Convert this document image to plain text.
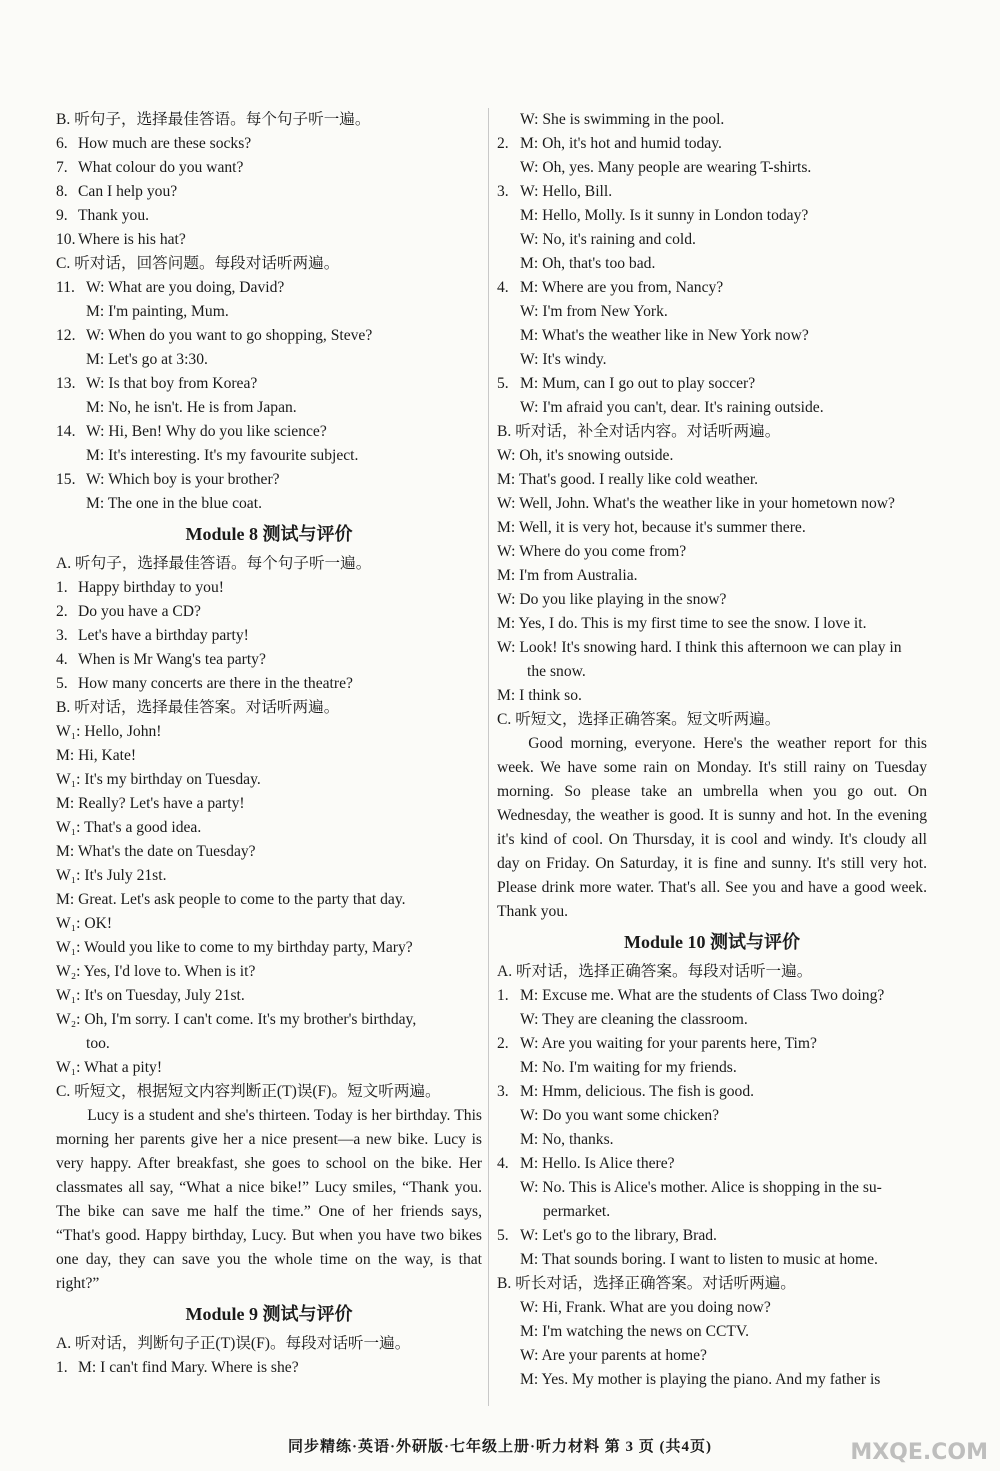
B. 听句子，选择最佳答语。每个句子听一遍。
6. How much are these socks?
7. What colour do you want?
8. Can I help you?
9. Thank you.
10. Where is his hat?
C. 听对话，回答问题。每段对话听两遍。
11. W: What are you doing, David?
M: I'm painting, Mum.
12. W: When do you want to go shopping, Steve?
M: Let's go at 3:30.
13. W: Is that boy from Korea?
M: No, he isn't. He is from Japan.
14. W: Hi, Ben! Why do you like science?
M: It's interesting. It's my favourite subject.
15. W: Which boy is your brother?
M: The one in the blue coat.
Module 8 测试与评价
A. 听句子，选择最佳答语。每个句子听一遍。
1. Happy birthday to you!
2. Do you have a CD?
3. Let's have a birthday party!
4. When is Mr Wang's tea party?
5. How many concerts are there in the theatre?
B. 听对话，选择最佳答案。对话听两遍。
W₁: Hello, John!
M: Hi, Kate!
W₁: It's my birthday on Tuesday.
M: Really? Let's have a party!
W₁: That's a good idea.
M: What's the date on Tuesday?
W₁: It's July 21st.
M: Great. Let's ask people to come to the party that day.
W₁: OK!
W₁: Would you like to come to my birthday party, Mary?
W₂: Yes, I'd love to. When is it?
W₁: It's on Tuesday, July 21st.
W₂: Oh, I'm sorry. I can't come. It's my brother's birthday,
too.
W₁: What a pity!
C. 听短文，根据短文内容判断正(T)误(F)。短文听两遍。
Lucy is a student and she's thirteen. Today is her birthday. This morning her parents give her a nice present—a new bike. Lucy is very happy. After breakfast, she goes to school on the bike. Her classmates all say, “What a nice bike!” Lucy smiles, “Thank you. The bike can save me half the time.” One of her friends says, “That's good. Happy birthday, Lucy. But when you have two bikes one day, they can save you the whole time on the way, is that right?”
Module 9 测试与评价
A. 听对话，判断句子正(T)误(F)。每段对话听一遍。
1. M: I can't find Mary. Where is she?
W: She is swimming in the pool.
2. M: Oh, it's hot and humid today.
W: Oh, yes. Many people are wearing T-shirts.
3. W: Hello, Bill.
M: Hello, Molly. Is it sunny in London today?
W: No, it's raining and cold.
M: Oh, that's too bad.
4. M: Where are you from, Nancy?
W: I'm from New York.
M: What's the weather like in New York now?
W: It's windy.
5. M: Mum, can I go out to play soccer?
W: I'm afraid you can't, dear. It's raining outside.
B. 听对话，补全对话内容。对话听两遍。
W: Oh, it's snowing outside.
M: That's good. I really like cold weather.
W: Well, John. What's the weather like in your hometown now?
M: Well, it is very hot, because it's summer there.
W: Where do you come from?
M: I'm from Australia.
W: Do you like playing in the snow?
M: Yes, I do. This is my first time to see the snow. I love it.
W: Look! It's snowing hard. I think this afternoon we can play in
the snow.
M: I think so.
C. 听短文，选择正确答案。短文听两遍。
Good morning, everyone. Here's the weather report for this week. We have some rain on Monday. It's still rainy on Tuesday morning. So please take an umbrella when you go out. On Wednesday, the weather is good. It is sunny and hot. In the evening it's kind of cool. On Thursday, it is cool and windy. It's cloudy all day on Friday. On Saturday, it is fine and sunny. It's still very hot. Please drink more water. That's all. See you and have a good week. Thank you.
Module 10 测试与评价
A. 听对话，选择正确答案。每段对话听一遍。
1. M: Excuse me. What are the students of Class Two doing?
W: They are cleaning the classroom.
2. W: Are you waiting for your parents here, Tim?
M: No. I'm waiting for my friends.
3. M: Hmm, delicious. The fish is good.
W: Do you want some chicken?
M: No, thanks.
4. M: Hello. Is Alice there?
W: No. This is Alice's mother. Alice is shopping in the su-
permarket.
5. W: Let's go to the library, Brad.
M: That sounds boring. I want to listen to music at home.
B. 听长对话，选择正确答案。对话听两遍。
W: Hi, Frank. What are you doing now?
M: I'm watching the news on CCTV.
W: Are your parents at home?
M: Yes. My mother is playing the piano. And my father is
同步精练·英语·外研版·七年级上册·听力材料 第 3 页 (共4页)	MXQE.COM
